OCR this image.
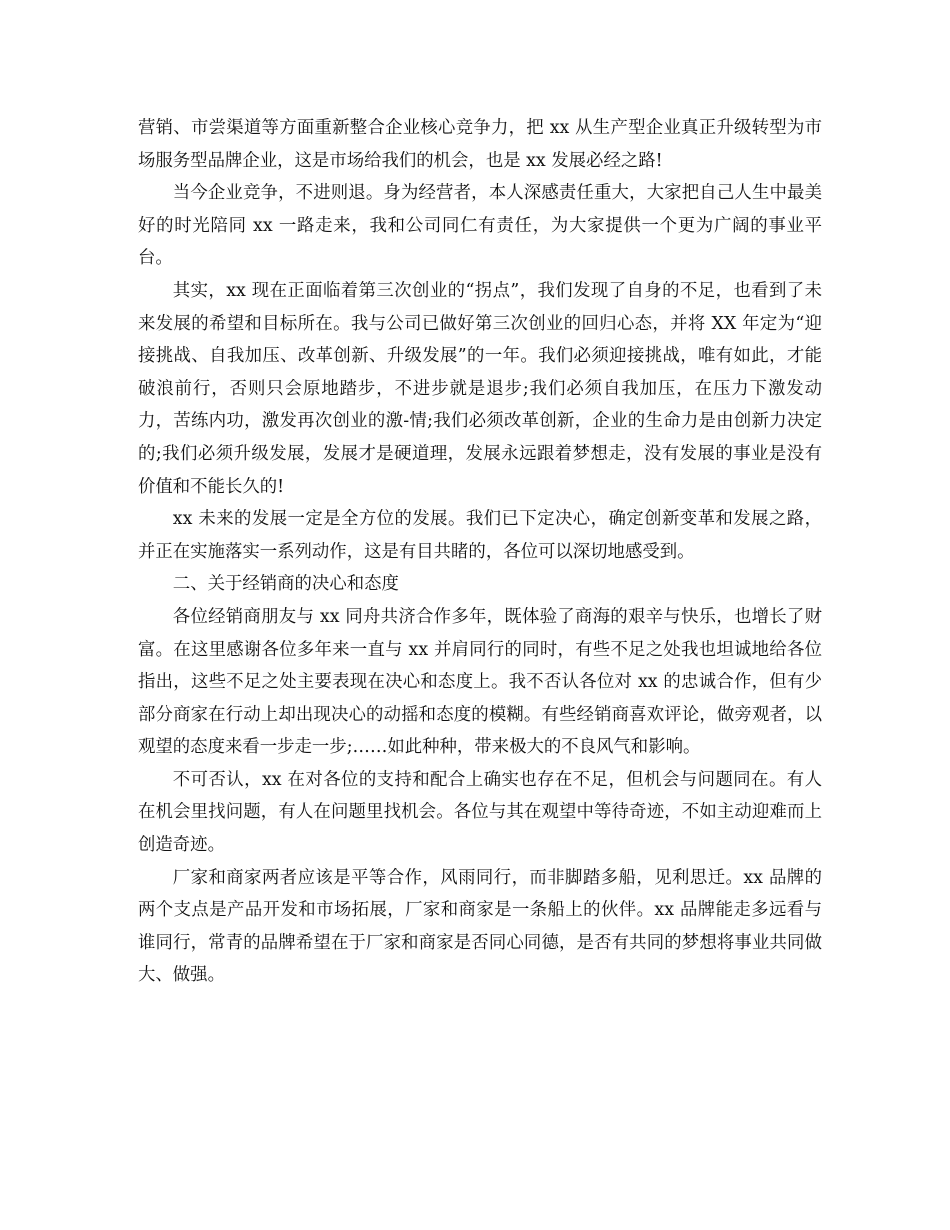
营销、市尝渠道等方面重新整合企业核心竞争力，把 xx 从生产型企业真正升级转型为市场服务型品牌企业，这是市场给我们的机会，也是 xx 发展必经之路!

当今企业竞争，不进则退。身为经营者，本人深感责任重大，大家把自己人生中最美好的时光陪同 xx 一路走来，我和公司同仁有责任，为大家提供一个更为广阔的事业平台。

其实，xx 现在正面临着第三次创业的“拐点”，我们发现了自身的不足，也看到了未来发展的希望和目标所在。我与公司已做好第三次创业的回归心态，并将 XX 年定为“迎接挑战、自我加压、改革创新、升级发展”的一年。我们必须迎接挑战，唯有如此，才能破浪前行，否则只会原地踏步，不进步就是退步;我们必须自我加压，在压力下激发动力，苦练内功，激发再次创业的激-情;我们必须改革创新，企业的生命力是由创新力决定的;我们必须升级发展，发展才是硬道理，发展永远跟着梦想走，没有发展的事业是没有价值和不能长久的!

xx 未来的发展一定是全方位的发展。我们已下定决心，确定创新变革和发展之路，并正在实施落实一系列动作，这是有目共睹的，各位可以深切地感受到。

二、关于经销商的决心和态度

各位经销商朋友与 xx 同舟共济合作多年，既体验了商海的艰辛与快乐，也增长了财富。在这里感谢各位多年来一直与 xx 并肩同行的同时，有些不足之处我也坦诚地给各位指出，这些不足之处主要表现在决心和态度上。我不否认各位对 xx 的忠诚合作，但有少部分商家在行动上却出现决心的动摇和态度的模糊。有些经销商喜欢评论，做旁观者，以观望的态度来看一步走一步;……如此种种，带来极大的不良风气和影响。

不可否认，xx 在对各位的支持和配合上确实也存在不足，但机会与问题同在。有人在机会里找问题，有人在问题里找机会。各位与其在观望中等待奇迹，不如主动迎难而上创造奇迹。

厂家和商家两者应该是平等合作，风雨同行，而非脚踏多船，见利思迁。xx 品牌的两个支点是产品开发和市场拓展，厂家和商家是一条船上的伙伴。xx 品牌能走多远看与谁同行，常青的品牌希望在于厂家和商家是否同心同德，是否有共同的梦想将事业共同做大、做强。
